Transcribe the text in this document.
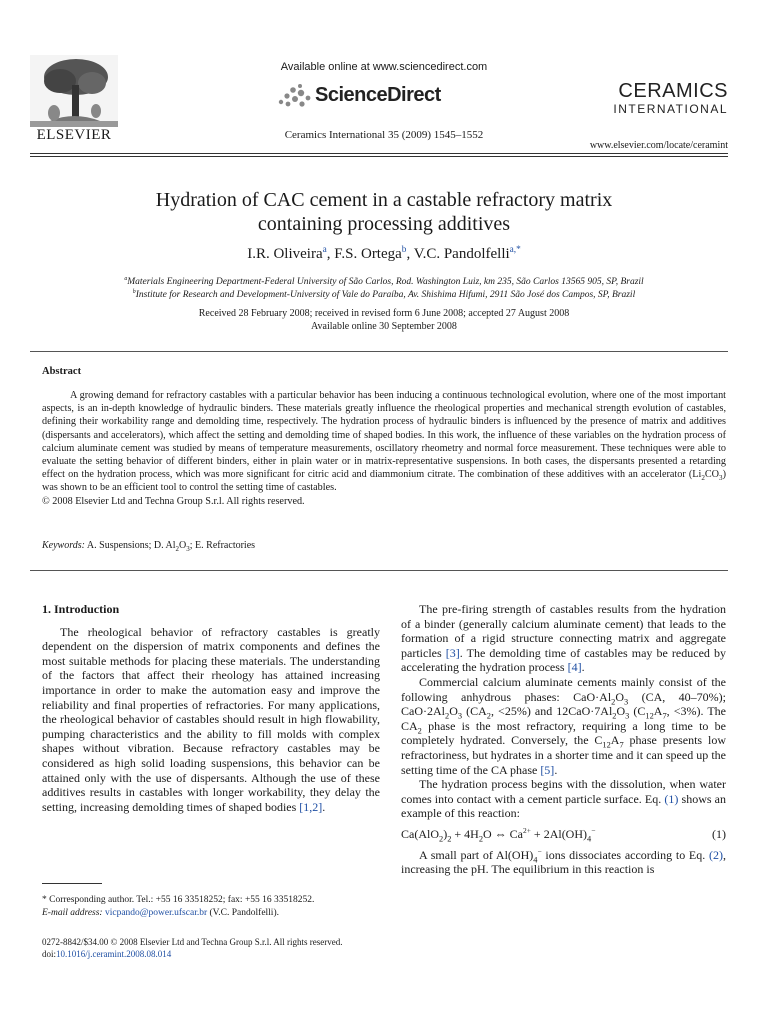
ELSEVIER
Available online at www.sciencedirect.com
ScienceDirect
Ceramics International 35 (2009) 1545–1552
CERAMICS
INTERNATIONAL
www.elsevier.com/locate/ceramint
Hydration of CAC cement in a castable refractory matrix
containing processing additives
I.R. Oliveira$^a$, F.S. Ortega$^b$, V.C. Pandolfelli$^{a,*}$
$^a$Materials Engineering Department-Federal University of São Carlos, Rod. Washington Luiz, km 235, São Carlos 13565 905, SP, Brazil
$^b$Institute for Research and Development-University of Vale do Paraíba, Av. Shishima Hifumi, 2911 São José dos Campos, SP, Brazil
Received 28 February 2008; received in revised form 6 June 2008; accepted 27 August 2008
Available online 30 September 2008
Abstract

A growing demand for refractory castables with a particular behavior has been inducing a continuous technological evolution, where one of the most important aspects, is an in-depth knowledge of hydraulic binders. These materials greatly influence the rheological properties and mechanical strength evolution of castables, defining their workability range and demolding time, respectively. The hydration process of hydraulic binders is influenced by the presence of matrix and additives (dispersants and accelerators), which affect the setting and demolding time of shaped bodies. In this work, the influence of these variables on the hydration process of calcium aluminate cement was studied by means of temperature measurements, oscillatory rheometry and normal force measurement. These techniques were able to evaluate the setting behavior of different binders, either in plain water or in matrix-representative suspensions. In both cases, the dispersants presented a retarding effect on the hydration process, which was more significant for citric acid and diammonium citrate. The combination of these additives with an accelerator $(Li_2CO_3)$ was shown to be an efficient tool to control the setting time of castables.

© 2008 Elsevier Ltd and Techna Group S.r.l. All rights reserved.

Keywords: A. Suspensions; D. $Al_2O_3$; E. Refractories

1. Introduction

The rheological behavior of refractory castables is greatly dependent on the dispersion of matrix components and defines the most suitable methods for placing these materials. The understanding of the factors that affect their rheology has attained increasing importance in order to make the automation easy and improve the reliability and final properties of refractories. For many applications, the rheological behavior of castables should result in high flowability, pumping characteristics and the ability to fill molds with complex shapes without vibration. Because refractory castables may be considered as high solid loading suspensions, this behavior can be attained only with the use of dispersants. Although the use of these additives results in castables with longer workability, they delay the setting, increasing demolding times of shaped bodies [1,2].

The pre-firing strength of castables results from the hydration of a binder (generally calcium aluminate cement) that leads to the formation of a rigid structure connecting matrix and aggregate particles [3]. The demolding time of castables may be reduced by accelerating the hydration process [4].

Commercial calcium aluminate cements mainly consist of the following anhydrous phases: $CaO\cdot Al_2O_3$ (CA, 40–70%); $CaO\cdot 2Al_2O_3$ ($CA_2$, <25%) and $12CaO\cdot 7Al_2O_3$ ($C_{12}A_7$, <3%). The $CA_2$ phase is the most refractory, requiring a long time to be completely hydrated. Conversely, the $C_{12}A_7$ phase presents low refractoriness, but hydrates in a shorter time and it can speed up the setting time of the CA phase [5].

The hydration process begins with the dissolution, when water comes into contact with a cement particle surface. Eq. (1) shows an example of this reaction:

$Ca(AlO_2)_2 + 4H_2O$ ⇔ $Ca^{2+} + 2Al(OH)_4^-$	(1)

A small part of $Al(OH)_4^-$ ions dissociates according to Eq. (2), increasing the pH. The equilibrium in this reaction is

* Corresponding author. Tel.: +55 16 33518252; fax: +55 16 33518252.
E-mail address: vicpando@power.ufscar.br (V.C. Pandolfelli).
0272-8842/$34.00 © 2008 Elsevier Ltd and Techna Group S.r.l. All rights reserved.
doi:10.1016/j.ceramint.2008.08.014
